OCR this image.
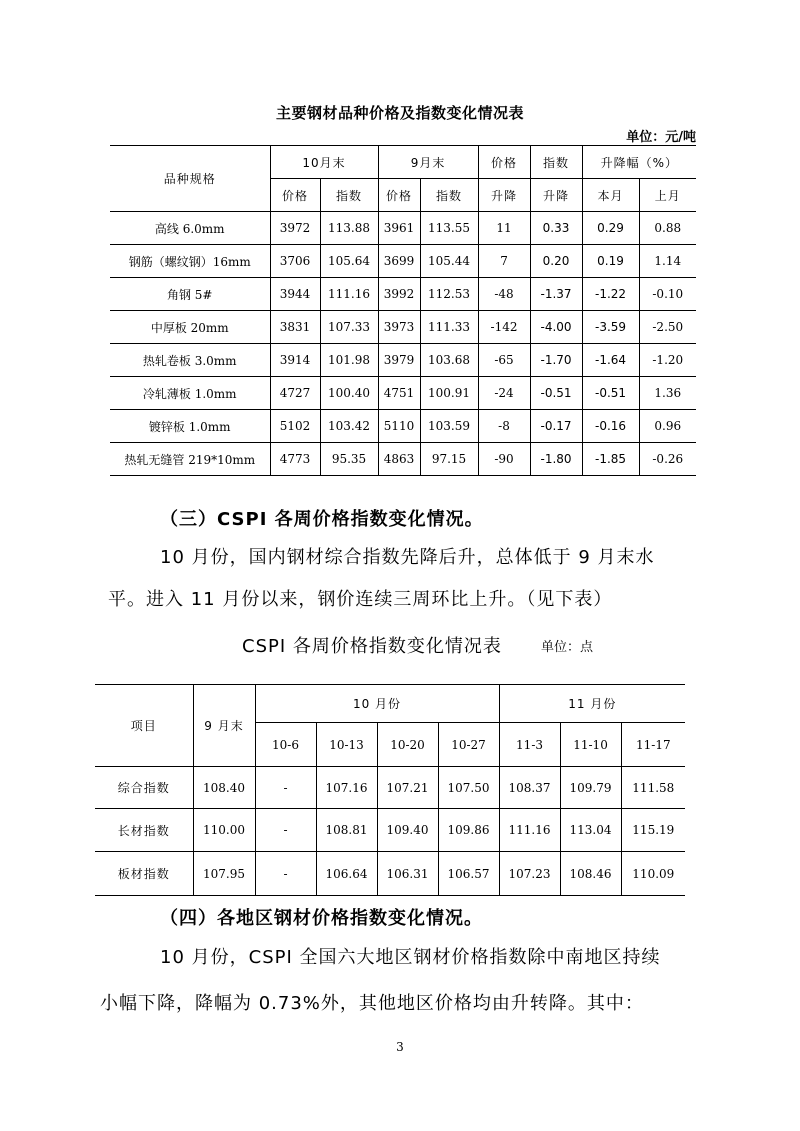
主要钢材品种价格及指数变化情况表
单位：元/吨
品种规格	10月末		9月末		价格	指数	升降幅（%）	
	价格	指数	价格	指数	升降	升降	本月	上月
高线 6.0mm	3972	113.88	3961	113.55	11	0.33	0.29	0.88
钢筋（螺纹钢）16mm	3706	105.64	3699	105.44	7	0.20	0.19	1.14
角钢 5#	3944	111.16	3992	112.53	-48	-1.37	-1.22	-0.10
中厚板 20mm	3831	107.33	3973	111.33	-142	-4.00	-3.59	-2.50
热轧卷板 3.0mm	3914	101.98	3979	103.68	-65	-1.70	-1.64	-1.20
冷轧薄板 1.0mm	4727	100.40	4751	100.91	-24	-0.51	-0.51	1.36
镀锌板 1.0mm	5102	103.42	5110	103.59	-8	-0.17	-0.16	0.96
热轧无缝管 219*10mm	4773	95.35	4863	97.15	-90	-1.80	-1.85	-0.26
（三）CSPI 各周价格指数变化情况。
10 月份，国内钢材综合指数先降后升，总体低于 9 月末水
平。进入 11 月份以来，钢价连续三周环比上升。（见下表）
CSPI 各周价格指数变化情况表	单位：点
项目	9 月末	10 月份				11 月份		
		10-6	10-13	10-20	10-27	11-3	11-10	11-17
综合指数	108.40	-	107.16	107.21	107.50	108.37	109.79	111.58
长材指数	110.00	-	108.81	109.40	109.86	111.16	113.04	115.19
板材指数	107.95	-	106.64	106.31	106.57	107.23	108.46	110.09
（四）各地区钢材价格指数变化情况。
10 月份，CSPI 全国六大地区钢材价格指数除中南地区持续
小幅下降，降幅为 0.73%外，其他地区价格均由升转降。其中：
3
